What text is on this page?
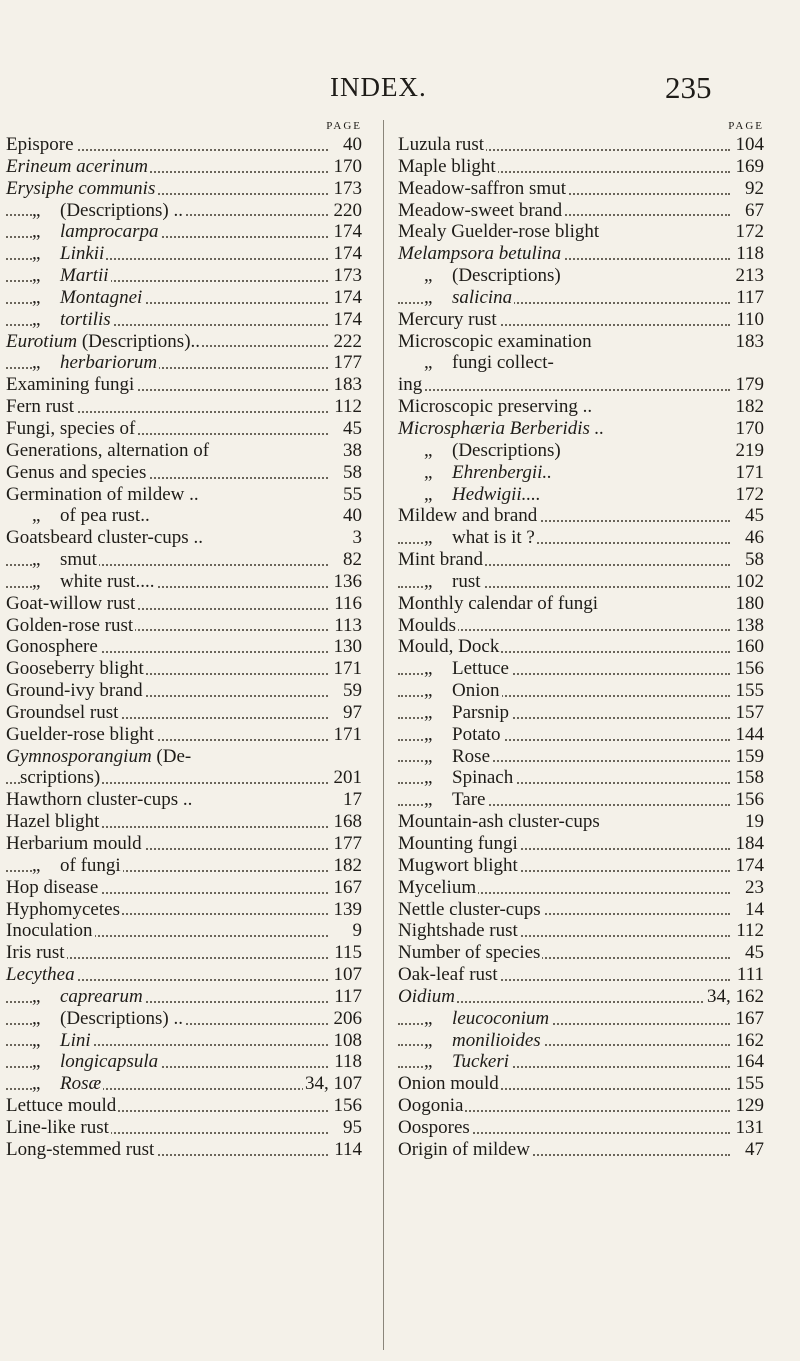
INDEX.	235
PAGE
Epispore	40
Erineum acerinum	170
Erysiphe communis	173
„ (Descriptions) ..	220
„ lamprocarpa	174
„ Linkii	174
„ Martii	173
„ Montagnei	174
„ tortilis	174
Eurotium (Descriptions)..	222
„ herbariorum	177
Examining fungi	183
Fern rust	112
Fungi, species of	45
Generations, alternation of	38
Genus and species	58
Germination of mildew ..	55
„ of pea rust..	40
Goatsbeard cluster-cups ..	3
„ smut	82
„ white rust....	136
Goat-willow rust	116
Golden-rose rust	113
Gonosphere	130
Gooseberry blight	171
Ground-ivy brand	59
Groundsel rust	97
Guelder-rose blight	171
Gymnosporangium (De-
scriptions)	201
Hawthorn cluster-cups ..	17
Hazel blight	168
Herbarium mould	177
„ of fungi	182
Hop disease	167
Hyphomycetes	139
Inoculation	9
Iris rust	115
Lecythea	107
„ caprearum	117
„ (Descriptions) ..	206
„ Lini	108
„ longicapsula	118
„ Rosæ	34, 107
Lettuce mould	156
Line-like rust	95
Long-stemmed rust	114
PAGE
Luzula rust	104
Maple blight	169
Meadow-saffron smut	92
Meadow-sweet brand	67
Mealy Guelder-rose blight	172
Melampsora betulina	118
„ (Descriptions)	213
„ salicina	117
Mercury rust	110
Microscopic examination	183
„ fungi collect-
ing	179
Microscopic preserving ..	182
Microsphæria Berberidis ..	170
„ (Descriptions)	219
„ Ehrenbergii..	171
„ Hedwigii....	172
Mildew and brand	45
„ what is it ?	46
Mint brand	58
„ rust	102
Monthly calendar of fungi	180
Moulds	138
Mould, Dock	160
„ Lettuce	156
„ Onion	155
„ Parsnip	157
„ Potato	144
„ Rose	159
„ Spinach	158
„ Tare	156
Mountain-ash cluster-cups	19
Mounting fungi	184
Mugwort blight	174
Mycelium	23
Nettle cluster-cups	14
Nightshade rust	112
Number of species	45
Oak-leaf rust	111
Oidium	34, 162
„ leucoconium	167
„ monilioides	162
„ Tuckeri	164
Onion mould	155
Oogonia	129
Oospores	131
Origin of mildew	47
